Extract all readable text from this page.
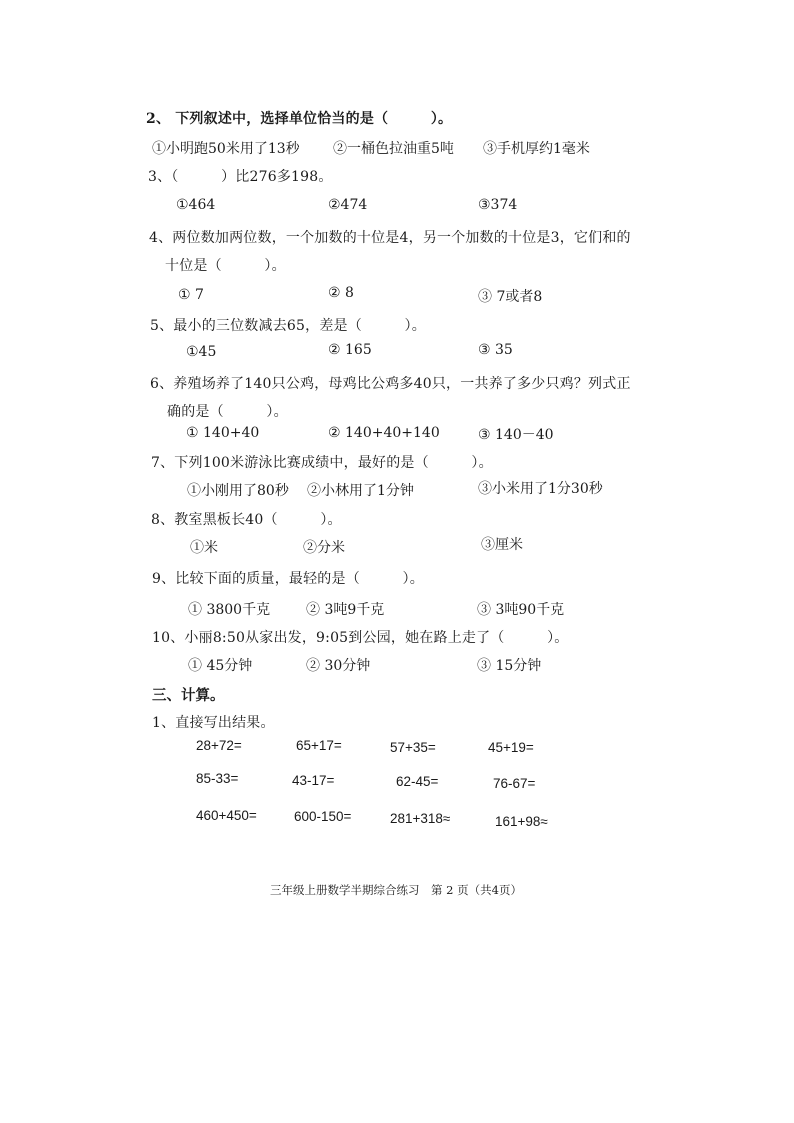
2、 下列叙述中，选择单位恰当的是（　　　）。
①小明跑50米用了13秒 ②一桶色拉油重5吨 ③手机厚约1毫米
3、（　　　）比276多198。
①464	②474	③374
4、两位数加两位数，一个加数的十位是4，另一个加数的十位是3，它们和的
十位是（　　　）。
① 7	② 8	③ 7或者8
5、最小的三位数减去65，差是（　　　）。
①45	② 165	③ 35
6、养殖场养了140只公鸡，母鸡比公鸡多40只，一共养了多少只鸡？列式正
确的是（　　　）。
① 140+40	② 140+40+140	③ 140－40
7、下列100米游泳比赛成绩中，最好的是（　　　）。
①小刚用了80秒 ②小林用了1分钟	③小米用了1分30秒
8、教室黑板长40（　　　）。
①米	②分米	③厘米
9、比较下面的质量，最轻的是（　　　）。
① 3800千克	② 3吨9千克	③ 3吨90千克
10、小丽8:50从家出发，9:05到公园，她在路上走了（　　　）。
① 45分钟	② 30分钟	③ 15分钟
三、计算。
1、直接写出结果。
28+72=	65+17=	57+35=	45+19=
85-33=	43-17=	62-45=	76-67=
460+450=	600-150=	281+318≈	161+98≈
三年级上册数学半期综合练习　第 2 页（共4页）
